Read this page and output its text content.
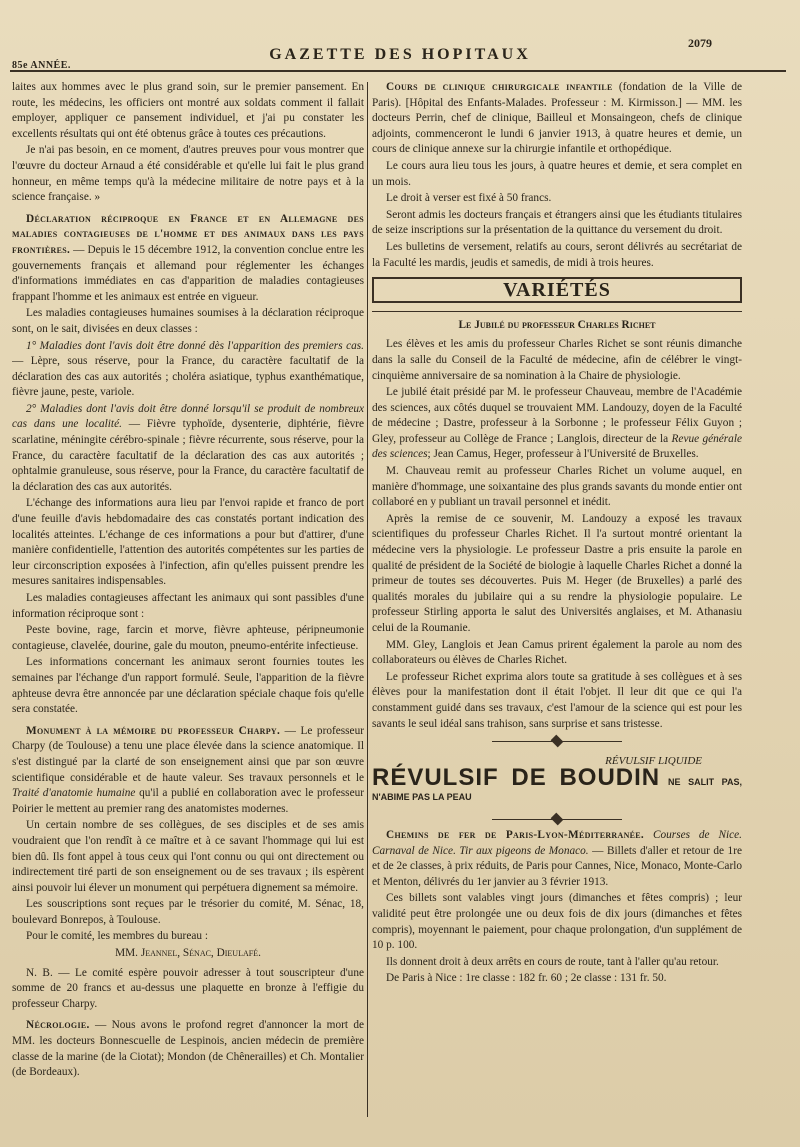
85e ANNÉE.
GAZETTE DES HOPITAUX
2079

laites aux hommes avec le plus grand soin, sur le premier pansement. En route, les médecins, les officiers ont montré aux soldats comment il fallait employer, appliquer ce pansement individuel, et j'ai pu constater les excellents résultats qui ont été obtenus grâce à toutes ces précautions.

Je n'ai pas besoin, en ce moment, d'autres preuves pour vous montrer que l'œuvre du docteur Arnaud a été considérable et qu'elle lui fait le plus grand honneur, en même temps qu'à la médecine militaire de notre pays et à la science française. »

Déclaration réciproque en France et en Allemagne des maladies contagieuses de l'homme et des animaux dans les pays frontières. — Depuis le 15 décembre 1912, la convention conclue entre les gouvernements français et allemand pour réglementer les échanges d'informations immédiates en cas d'apparition de maladies contagieuses frappant l'homme et les animaux est entrée en vigueur.

Les maladies contagieuses humaines soumises à la déclaration réciproque sont, on le sait, divisées en deux classes :

1° Maladies dont l'avis doit être donné dès l'apparition des premiers cas. — Lèpre, sous réserve, pour la France, du caractère facultatif de la déclaration des cas aux autorités ; choléra asiatique, typhus exanthématique, fièvre jaune, peste, variole.

2° Maladies dont l'avis doit être donné lorsqu'il se produit de nombreux cas dans une localité. — Fièvre typhoïde, dysenterie, diphtérie, fièvre scarlatine, méningite cérébro-spinale ; fièvre récurrente, sous réserve, pour la France, du caractère facultatif de la déclaration des cas aux autorités ; ophtalmie granuleuse, sous réserve, pour la France, du caractère facultatif de la déclaration des cas aux autorités.

L'échange des informations aura lieu par l'envoi rapide et franco de port d'une feuille d'avis hebdomadaire des cas constatés portant indication des localités atteintes. L'échange de ces informations a pour but d'attirer, d'une manière confidentielle, l'attention des autorités compétentes sur les parties de leur circonscription exposées à l'infection, afin qu'elles puissent prendre les mesures sanitaires indispensables.

Les maladies contagieuses affectant les animaux qui sont passibles d'une information réciproque sont :

Peste bovine, rage, farcin et morve, fièvre aphteuse, péripneumonie contagieuse, clavelée, dourine, gale du mouton, pneumo-entérite infectieuse.

Les informations concernant les animaux seront fournies toutes les semaines par l'échange d'un rapport formulé. Seule, l'apparition de la fièvre aphteuse devra être annoncée par une déclaration spéciale chaque fois qu'elle sera constatée.

Monument à la mémoire du professeur Charpy. — Le professeur Charpy (de Toulouse) a tenu une place élevée dans la science anatomique. Il s'est distingué par la clarté de son enseignement ainsi que par son œuvre scientifique considérable et de haute valeur. Ses travaux personnels et le Traité d'anatomie humaine qu'il a publié en collaboration avec le professeur Poirier le mettent au premier rang des anatomistes modernes.

Un certain nombre de ses collègues, de ses disciples et de ses amis voudraient que l'on rendît à ce maître et à ce savant l'hommage qui lui est bien dû. Ils font appel à tous ceux qui l'ont connu ou qui ont directement ou indirectement tiré parti de son enseignement ou de ses travaux ; ils espèrent ainsi pouvoir lui élever un monument qui perpétuera dignement sa mémoire.

Les souscriptions sont reçues par le trésorier du comité, M. Sénac, 18, boulevard Bonrepos, à Toulouse.

Pour le comité, les membres du bureau :

MM. Jeannel, Sénac, Dieulafé.

N. B. — Le comité espère pouvoir adresser à tout souscripteur d'une somme de 20 francs et au-dessus une plaquette en bronze à l'effigie du professeur Charpy.

Nécrologie. — Nous avons le profond regret d'annoncer la mort de MM. les docteurs Bonnescuelle de Lespinois, ancien médecin de première classe de la marine (de la Ciotat); Mondon (de Chênerailles) et Ch. Montalier (de Bordeaux).

Cours de clinique chirurgicale infantile (fondation de la Ville de Paris). [Hôpital des Enfants-Malades. Professeur : M. Kirmisson.] — MM. les docteurs Perrin, chef de clinique, Bailleul et Monsaingeon, chefs de clinique adjoints, commenceront le lundi 6 janvier 1913, à quatre heures et demie, un cours de clinique annexe sur la chirurgie infantile et orthopédique.

Le cours aura lieu tous les jours, à quatre heures et demie, et sera complet en un mois.

Le droit à verser est fixé à 50 francs.

Seront admis les docteurs français et étrangers ainsi que les étudiants titulaires de seize inscriptions sur la présentation de la quittance du versement du droit.

Les bulletins de versement, relatifs au cours, seront délivrés au secrétariat de la Faculté les mardis, jeudis et samedis, de midi à trois heures.

VARIÉTÉS

Le Jubilé du professeur Charles Richet

Les élèves et les amis du professeur Charles Richet se sont réunis dimanche dans la salle du Conseil de la Faculté de médecine, afin de célébrer le vingt-cinquième anniversaire de sa nomination à la Chaire de physiologie.

Le jubilé était présidé par M. le professeur Chauveau, membre de l'Académie des sciences, aux côtés duquel se trouvaient MM. Landouzy, doyen de la Faculté de médecine ; Dastre, professeur à la Sorbonne ; le professeur Félix Guyon ; Gley, professeur au Collège de France ; Langlois, directeur de la Revue générale des sciences; Jean Camus, Heger, professeur à l'Université de Bruxelles.

M. Chauveau remit au professeur Charles Richet un volume auquel, en manière d'hommage, une soixantaine des plus grands savants du monde entier ont collaboré en y publiant un travail personnel et inédit.

Après la remise de ce souvenir, M. Landouzy a exposé les travaux scientifiques du professeur Charles Richet. Il l'a surtout montré orientant la médecine vers la physiologie. Le professeur Dastre a pris ensuite la parole en qualité de président de la Société de biologie à laquelle Charles Richet a donné la primeur de toutes ses découvertes. Puis M. Heger (de Bruxelles) a parlé des qualités morales du jubilaire qui a su rendre la physiologie populaire. Le professeur Stirling apporta le salut des Universités anglaises, et M. Athanasiu celui de la Roumanie.

MM. Gley, Langlois et Jean Camus prirent également la parole au nom des collaborateurs ou élèves de Charles Richet.

Le professeur Richet exprima alors toute sa gratitude à ses collègues et à ses élèves pour la manifestation dont il était l'objet. Il leur dit que ce qui l'a constamment guidé dans ses travaux, c'est l'amour de la science qui est pour les savants le seul idéal sans trahison, sans surprise et sans tristesse.

RÉVULSIF LIQUIDE
RÉVULSIF DE BOUDIN NE SALIT PAS, N'ABIME PAS LA PEAU

Chemins de fer de Paris-Lyon-Méditerranée. Courses de Nice. Carnaval de Nice. Tir aux pigeons de Monaco. — Billets d'aller et retour de 1re et de 2e classes, à prix réduits, de Paris pour Cannes, Nice, Monaco, Monte-Carlo et Menton, délivrés du 1er janvier au 3 février 1913.

Ces billets sont valables vingt jours (dimanches et fêtes compris) ; leur validité peut être prolongée une ou deux fois de dix jours (dimanches et fêtes compris), moyennant le paiement, pour chaque prolongation, d'un supplément de 10 p. 100.

Ils donnent droit à deux arrêts en cours de route, tant à l'aller qu'au retour.

De Paris à Nice : 1re classe : 182 fr. 60 ; 2e classe : 131 fr. 50.
